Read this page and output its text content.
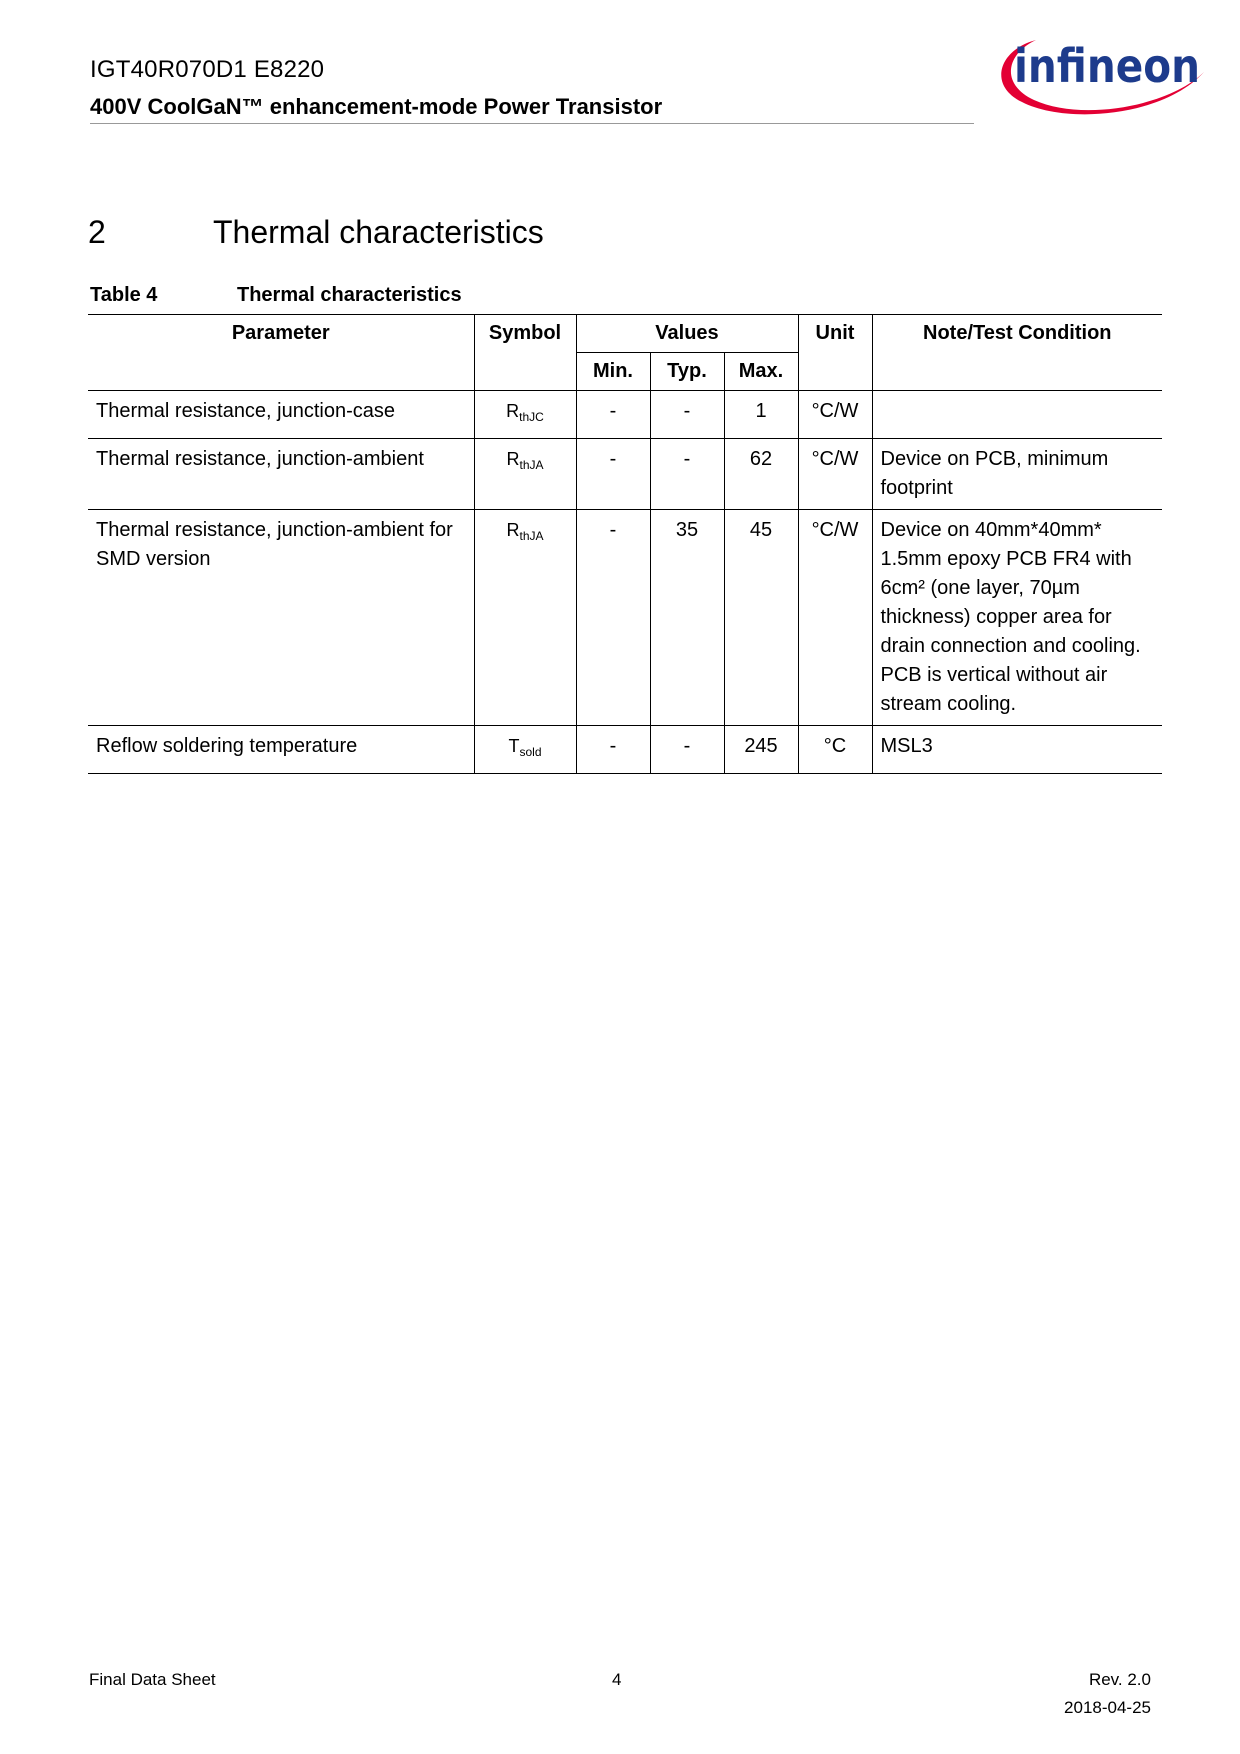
IGT40R070D1 E8220
400V CoolGaN™ enhancement-mode Power Transistor
infineon
2	Thermal characteristics
Table 4	Thermal characteristics
Parameter	Symbol	Values			Unit	Note/Test Condition
		Min.	Typ.	Max.		
Thermal resistance, junction-case	$R_{thJC}$	-	-	1	°C/W	
Thermal resistance, junction-ambient	$R_{thJA}$	-	-	62	°C/W	Device on PCB, minimum footprint
Thermal resistance, junction-ambient for SMD version	$R_{thJA}$	-	35	45	°C/W	Device on 40mm*40mm* 1.5mm epoxy PCB FR4 with 6cm² (one layer, 70µm thickness) copper area for drain connection and cooling. PCB is vertical without air stream cooling.
Reflow soldering temperature	$T_{sold}$	-	-	245	°C	MSL3
Final Data Sheet	4	Rev. 2.0
2018-04-25
